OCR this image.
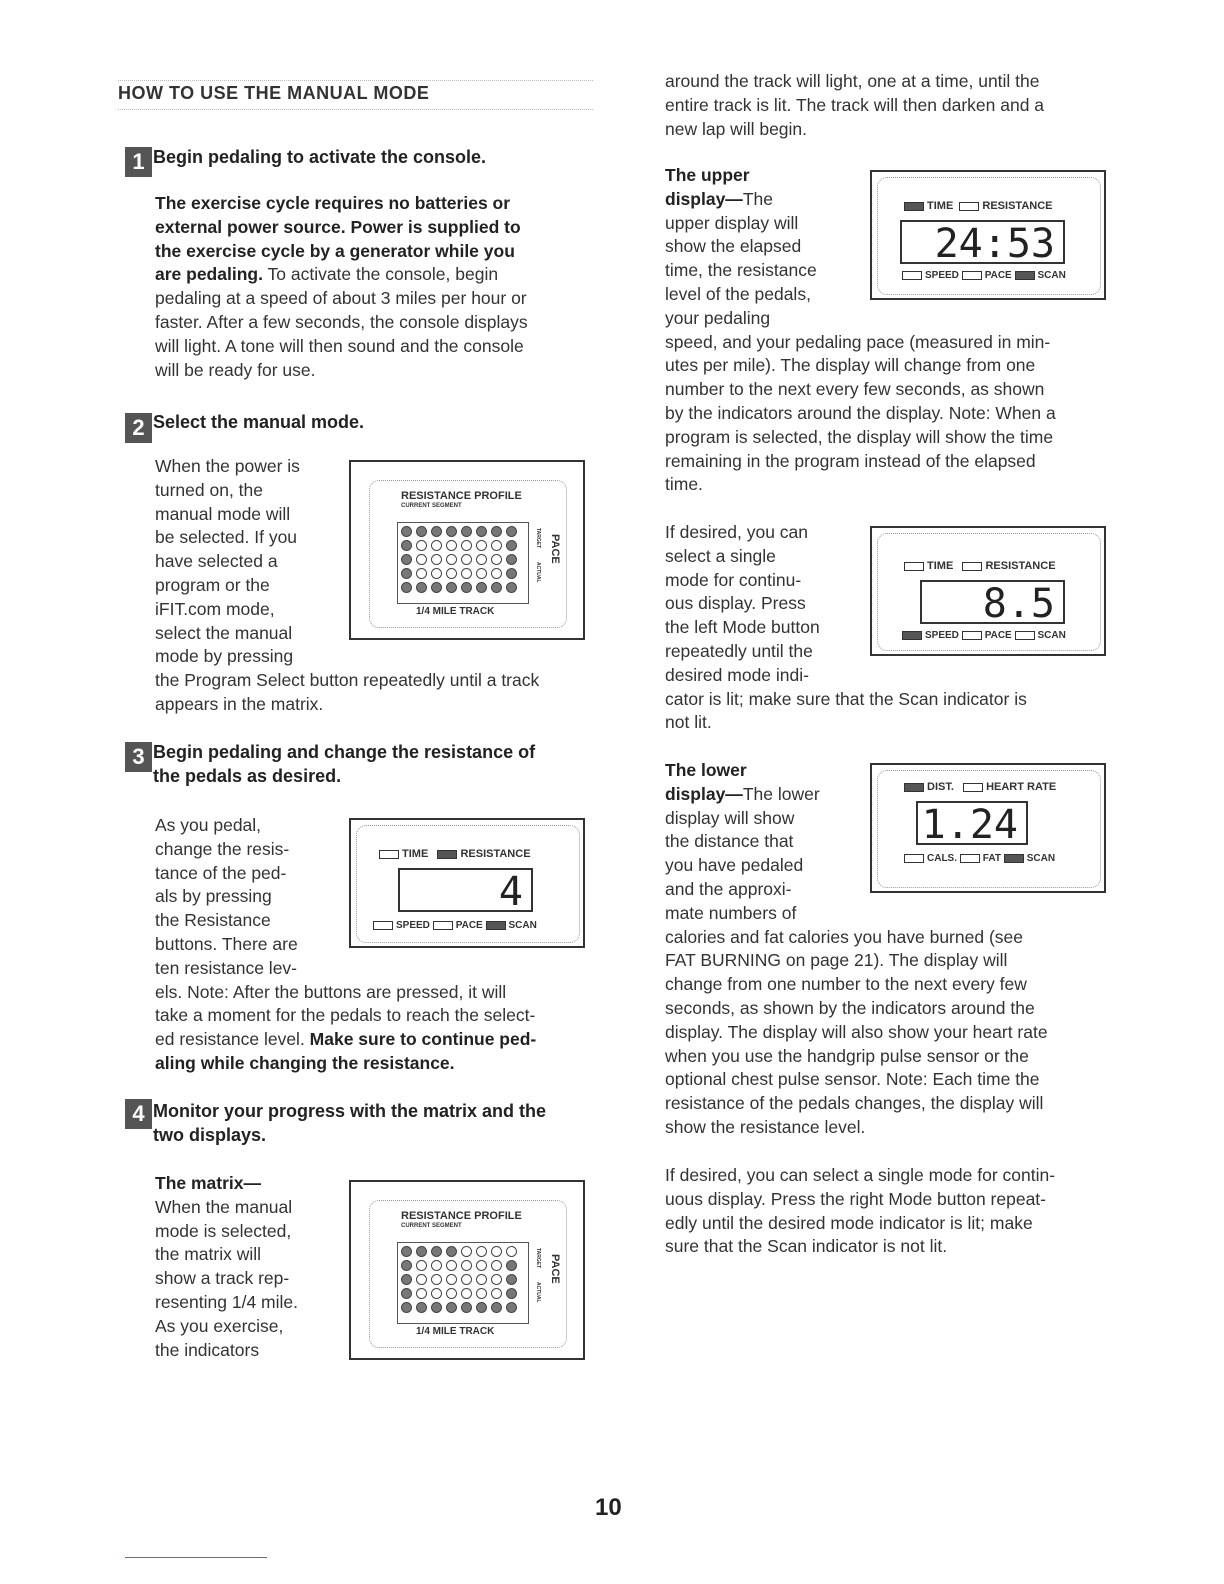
HOW TO USE THE MANUAL MODE
1 Begin pedaling to activate the console.
The exercise cycle requires no batteries or
external power source. Power is supplied to
the exercise cycle by a generator while you
are pedaling. To activate the console, begin
pedaling at a speed of about 3 miles per hour or
faster. After a few seconds, the console displays
will light. A tone will then sound and the console
will be ready for use.
2 Select the manual mode.
When the power is
turned on, the
manual mode will
be selected. If you
have selected a
program or the
iFIT.com mode,
select the manual
mode by pressing
the Program Select button repeatedly until a track
appears in the matrix.
RESISTANCE PROFILE
CURRENT SEGMENT
PACE
TARGET
ACTUAL
1/4 MILE TRACK
3 Begin pedaling and change the resistance of
the pedals as desired.
As you pedal,
change the resis-
tance of the ped-
als by pressing
the Resistance
buttons. There are
ten resistance lev-
els. Note: After the buttons are pressed, it will
take a moment for the pedals to reach the select-
ed resistance level. Make sure to continue ped-
aling while changing the resistance.
TIME	RESISTANCE
4
SPEED	PACE	SCAN
4 Monitor your progress with the matrix and the
two displays.
The matrix—
When the manual
mode is selected,
the matrix will
show a track rep-
resenting 1/4 mile.
As you exercise,
the indicators
RESISTANCE PROFILE
CURRENT SEGMENT
PACE
TARGET
ACTUAL
1/4 MILE TRACK
around the track will light, one at a time, until the
entire track is lit. The track will then darken and a
new lap will begin.
The upper
display—The
upper display will
show the elapsed
time, the resistance
level of the pedals,
your pedaling
speed, and your pedaling pace (measured in min-
utes per mile). The display will change from one
number to the next every few seconds, as shown
by the indicators around the display. Note: When a
program is selected, the display will show the time
remaining in the program instead of the elapsed
time.
TIME	RESISTANCE
24:53
SPEED	PACE	SCAN
If desired, you can
select a single
mode for continu-
ous display. Press
the left Mode button
repeatedly until the
desired mode indi-
cator is lit; make sure that the Scan indicator is
not lit.
TIME	RESISTANCE
8.5
SPEED	PACE	SCAN
The lower
display—The lower
display will show
the distance that
you have pedaled
and the approxi-
mate numbers of
calories and fat calories you have burned (see
FAT BURNING on page 21). The display will
change from one number to the next every few
seconds, as shown by the indicators around the
display. The display will also show your heart rate
when you use the handgrip pulse sensor or the
optional chest pulse sensor. Note: Each time the
resistance of the pedals changes, the display will
show the resistance level.
DIST.	HEART RATE
1.24
CALS.	FAT	SCAN
If desired, you can select a single mode for contin-
uous display. Press the right Mode button repeat-
edly until the desired mode indicator is lit; make
sure that the Scan indicator is not lit.
10
